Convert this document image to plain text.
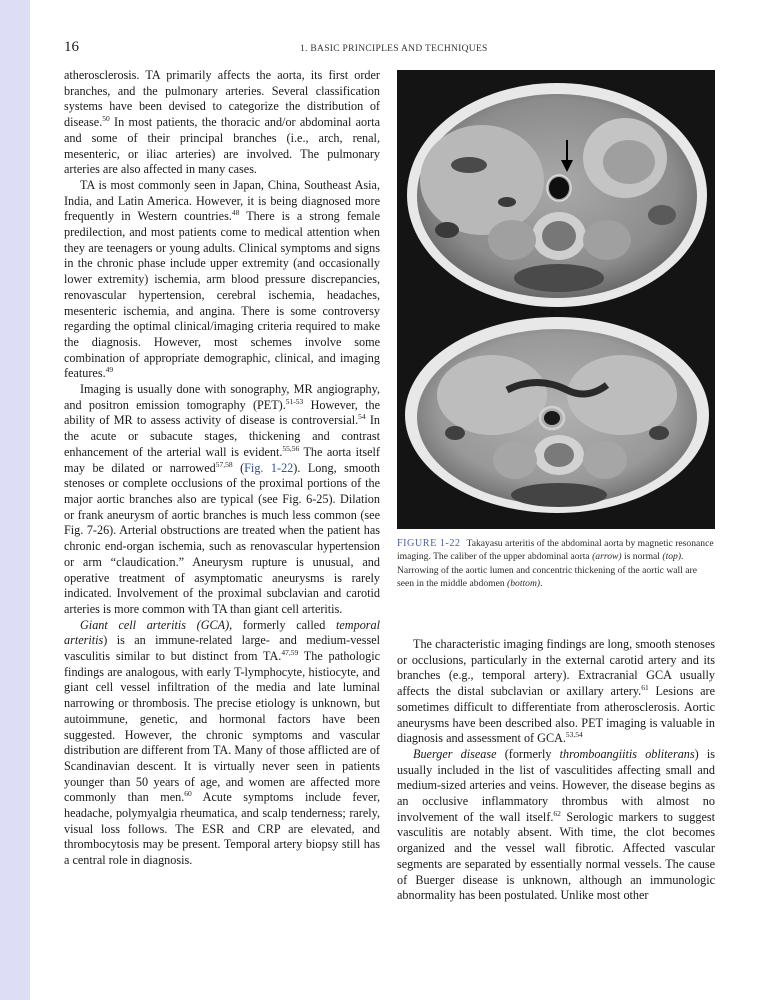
16	1. BASIC PRINCIPLES AND TECHNIQUES

atherosclerosis. TA primarily affects the aorta, its first order branches, and the pulmonary arteries. Several classification systems have been devised to categorize the distribution of disease.$^{50}$ In most patients, the thoracic and/or abdominal aorta and some of their principal branches (i.e., arch, renal, mesenteric, or iliac arteries) are involved. The pulmonary arteries are also affected in many cases.

TA is most commonly seen in Japan, China, Southeast Asia, India, and Latin America. However, it is being diagnosed more frequently in Western countries.$^{48}$ There is a strong female predilection, and most patients come to medical attention when they are teenagers or young adults. Clinical symptoms and signs in the chronic phase include upper extremity (and occasionally lower extremity) ischemia, arm blood pressure discrepancies, renovascular hypertension, cerebral ischemia, headaches, mesenteric ischemia, and angina. There is some controversy regarding the optimal clinical/imaging criteria required to make the diagnosis. However, most schemes involve some combination of appropriate demographic, clinical, and imaging features.$^{49}$

Imaging is usually done with sonography, MR angiography, and positron emission tomography (PET).$^{51-53}$ However, the ability of MR to assess activity of disease is controversial.$^{54}$ In the acute or subacute stages, thickening and contrast enhancement of the arterial wall is evident.$^{55,56}$ The aorta itself may be dilated or narrowed$^{57,58}$ (Fig. 1-22). Long, smooth stenoses or complete occlusions of the proximal portions of the major aortic branches also are typical (see Fig. 6-25). Dilation or frank aneurysm of aortic branches is much less common (see Fig. 7-26). Arterial obstructions are treated when the patient has chronic end-organ ischemia, such as renovascular hypertension or arm “claudication.” Aneurysm rupture is unusual, and operative treatment of asymptomatic aneurysms is rarely indicated. Involvement of the proximal subclavian and carotid arteries is more common with TA than giant cell arteritis.

Giant cell arteritis (GCA), formerly called temporal arteritis) is an immune-related large- and medium-vessel vasculitis similar to but distinct from TA.$^{47,59}$ The pathologic findings are analogous, with early T-lymphocyte, histiocyte, and giant cell vessel infiltration of the media and late luminal narrowing or thrombosis. The precise etiology is unknown, but autoimmune, genetic, and hormonal factors have been suggested. However, the chronic symptoms and vascular distribution are different from TA. Many of those afflicted are of Scandinavian descent. It is virtually never seen in patients younger than 50 years of age, and women are affected more commonly than men.$^{60}$ Acute symptoms include fever, headache, polymyalgia rheumatica, and scalp tenderness; rarely, visual loss follows. The ESR and CRP are elevated, and thrombocytosis may be present. Temporal artery biopsy still has a central role in diagnosis.

FIGURE 1-22 Takayasu arteritis of the abdominal aorta by magnetic resonance imaging. The caliber of the upper abdominal aorta (arrow) is normal (top). Narrowing of the aortic lumen and concentric thickening of the aortic wall are seen in the middle abdomen (bottom).

The characteristic imaging findings are long, smooth stenoses or occlusions, particularly in the external carotid artery and its branches (e.g., temporal artery). Extracranial GCA usually affects the distal subclavian or axillary artery.$^{61}$ Lesions are sometimes difficult to differentiate from atherosclerosis. Aortic aneurysms have been described also. PET imaging is valuable in diagnosis and assessment of GCA.$^{53,54}$

Buerger disease (formerly thromboangiitis obliterans) is usually included in the list of vasculitides affecting small and medium-sized arteries and veins. However, the disease begins as an occlusive inflammatory thrombus with almost no involvement of the wall itself.$^{62}$ Serologic markers to suggest vasculitis are notably absent. With time, the clot becomes organized and the vessel wall fibrotic. Affected vascular segments are separated by essentially normal vessels. The cause of Buerger disease is unknown, although an immunologic abnormality has been postulated. Unlike most other
